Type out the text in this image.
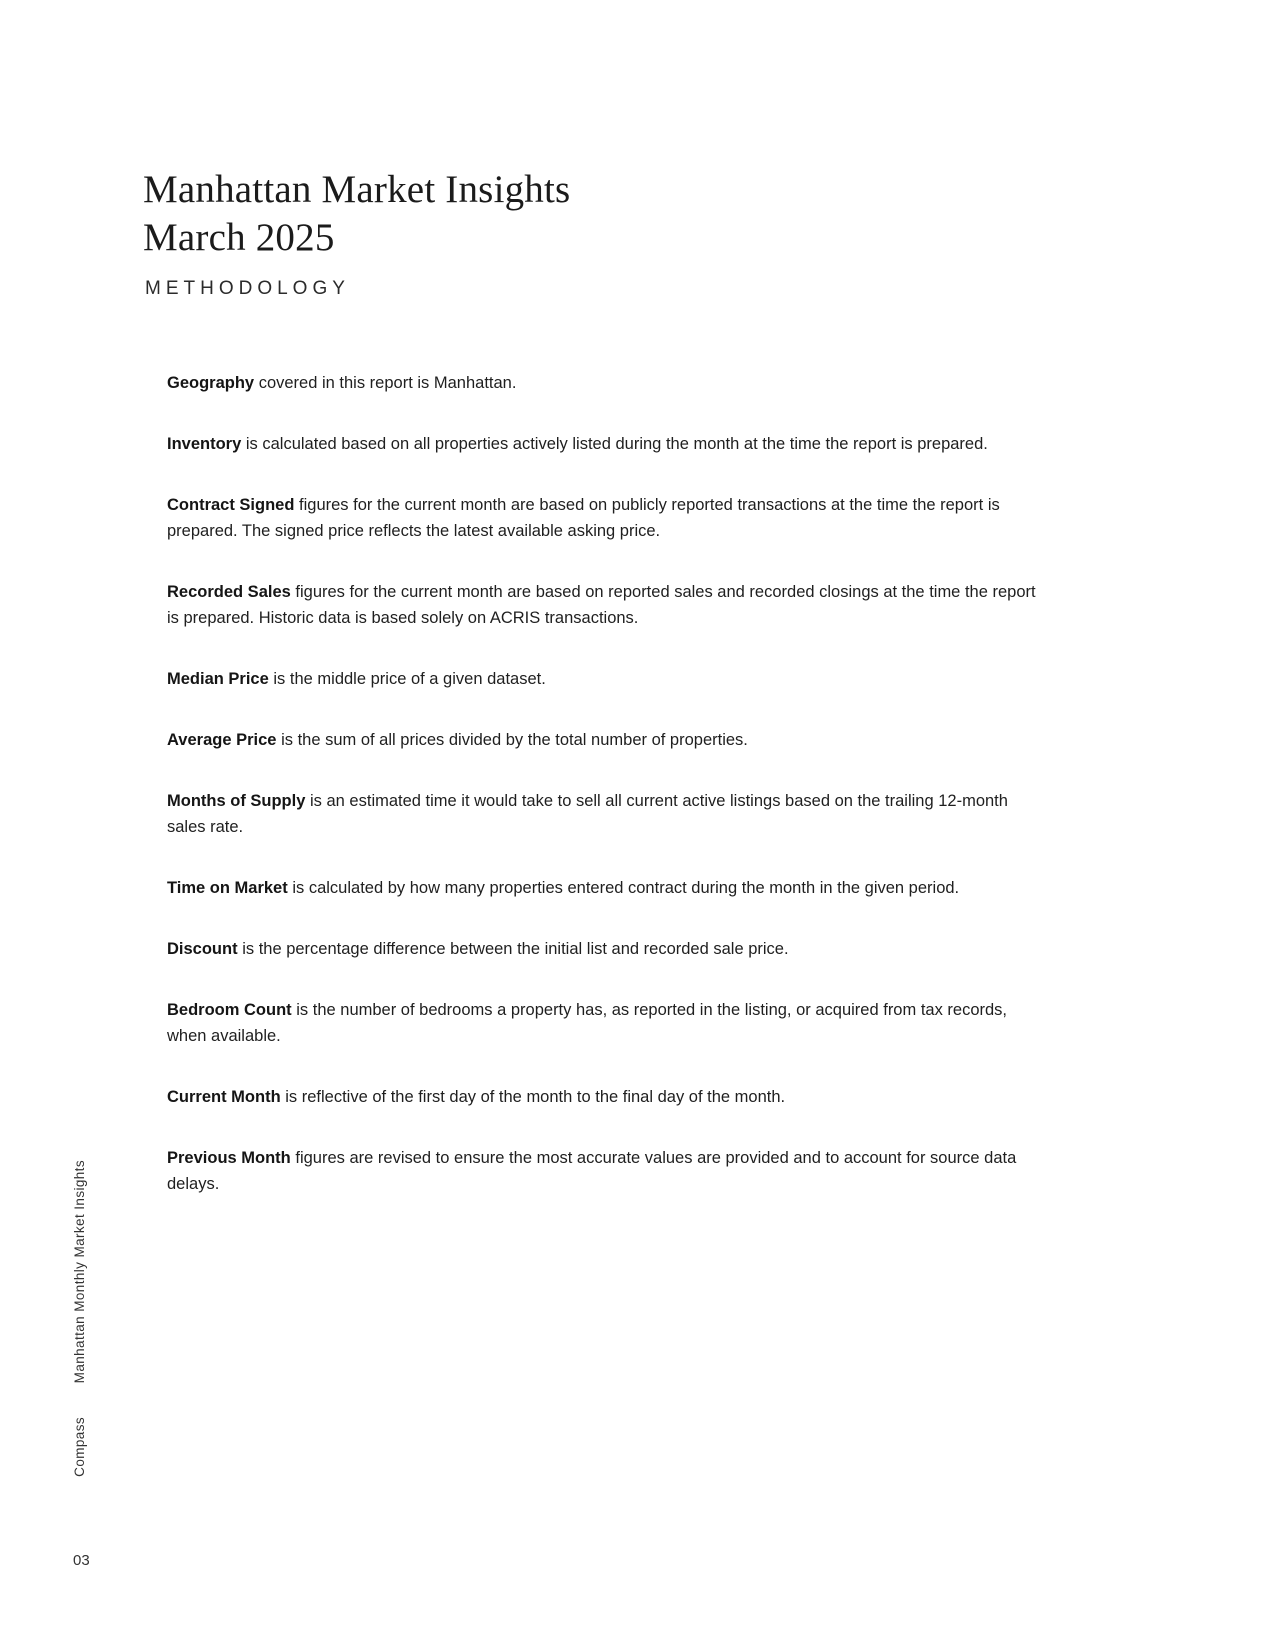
Manhattan Market Insights
March 2025
METHODOLOGY

Geography covered in this report is Manhattan.

Inventory is calculated based on all properties actively listed during the month at the time the report is prepared.

Contract Signed figures for the current month are based on publicly reported transactions at the time the report is prepared. The signed price reflects the latest available asking price.

Recorded Sales figures for the current month are based on reported sales and recorded closings at the time the report is prepared. Historic data is based solely on ACRIS transactions.

Median Price is the middle price of a given dataset.

Average Price is the sum of all prices divided by the total number of properties.

Months of Supply is an estimated time it would take to sell all current active listings based on the trailing 12-month sales rate.

Time on Market is calculated by how many properties entered contract during the month in the given period.

Discount is the percentage difference between the initial list and recorded sale price.

Bedroom Count is the number of bedrooms a property has, as reported in the listing, or acquired from tax records, when available.

Current Month is reflective of the first day of the month to the final day of the month.

Previous Month figures are revised to ensure the most accurate values are provided and to account for source data delays.

Manhattan Monthly Market Insights
Compass
03
